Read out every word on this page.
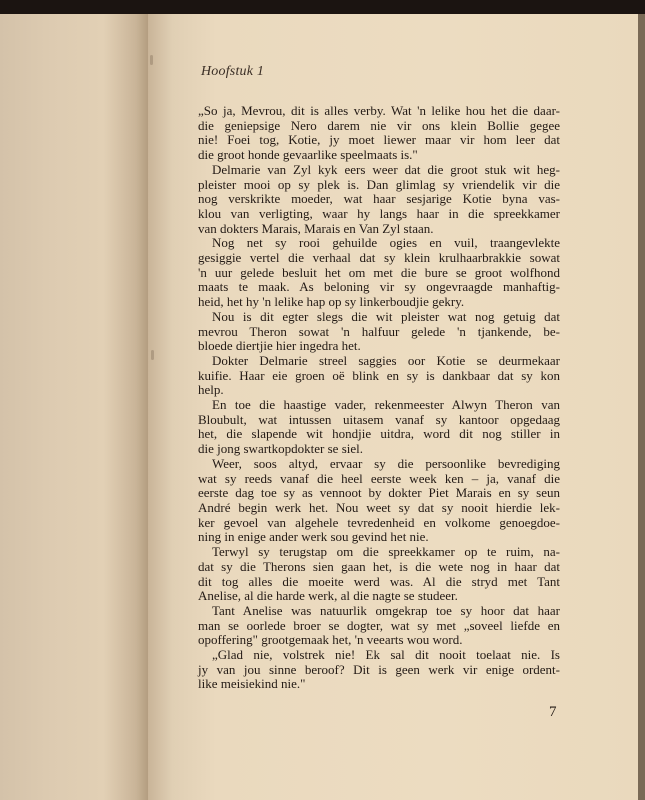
Hoofstuk 1

„So ja, Mevrou, dit is alles verby. Wat 'n lelike hou het die daar-
die geniepsige Nero darem nie vir ons klein Bollie gegee
nie! Foei tog, Kotie, jy moet liewer maar vir hom leer dat
die groot honde gevaarlike speelmaats is."

Delmarie van Zyl kyk eers weer dat die groot stuk wit heg-
pleister mooi op sy plek is. Dan glimlag sy vriendelik vir die
nog verskrikte moeder, wat haar sesjarige Kotie byna vas-
klou van verligting, waar hy langs haar in die spreekkamer
van dokters Marais, Marais en Van Zyl staan.

Nog net sy rooi gehuilde ogies en vuil, traangevlekte
gesiggie vertel die verhaal dat sy klein krulhaarbrakkie sowat
'n uur gelede besluit het om met die bure se groot wolfhond
maats te maak. As beloning vir sy ongevraagde manhaftig-
heid, het hy 'n lelike hap op sy linkerboudjie gekry.

Nou is dit egter slegs die wit pleister wat nog getuig dat
mevrou Theron sowat 'n halfuur gelede 'n tjankende, be-
bloede diertjie hier ingedra het.

Dokter Delmarie streel saggies oor Kotie se deurmekaar
kuifie. Haar eie groen oë blink en sy is dankbaar dat sy kon
help.

En toe die haastige vader, rekenmeester Alwyn Theron van
Bloubult, wat intussen uitasem vanaf sy kantoor opgedaag
het, die slapende wit hondjie uitdra, word dit nog stiller in
die jong swartkopdokter se siel.

Weer, soos altyd, ervaar sy die persoonlike bevrediging
wat sy reeds vanaf die heel eerste week ken – ja, vanaf die
eerste dag toe sy as vennoot by dokter Piet Marais en sy seun
André begin werk het. Nou weet sy dat sy nooit hierdie lek-
ker gevoel van algehele tevredenheid en volkome genoegdoe-
ning in enige ander werk sou gevind het nie.

Terwyl sy terugstap om die spreekkamer op te ruim, na-
dat sy die Therons sien gaan het, is die wete nog in haar dat
dit tog alles die moeite werd was. Al die stryd met Tant
Anelise, al die harde werk, al die nagte se studeer.

Tant Anelise was natuurlik omgekrap toe sy hoor dat haar
man se oorlede broer se dogter, wat sy met „soveel liefde en
opoffering" grootgemaak het, 'n veearts wou word.

„Glad nie, volstrek nie! Ek sal dit nooit toelaat nie. Is
jy van jou sinne beroof? Dit is geen werk vir enige ordent-
like meisiekind nie."

7
